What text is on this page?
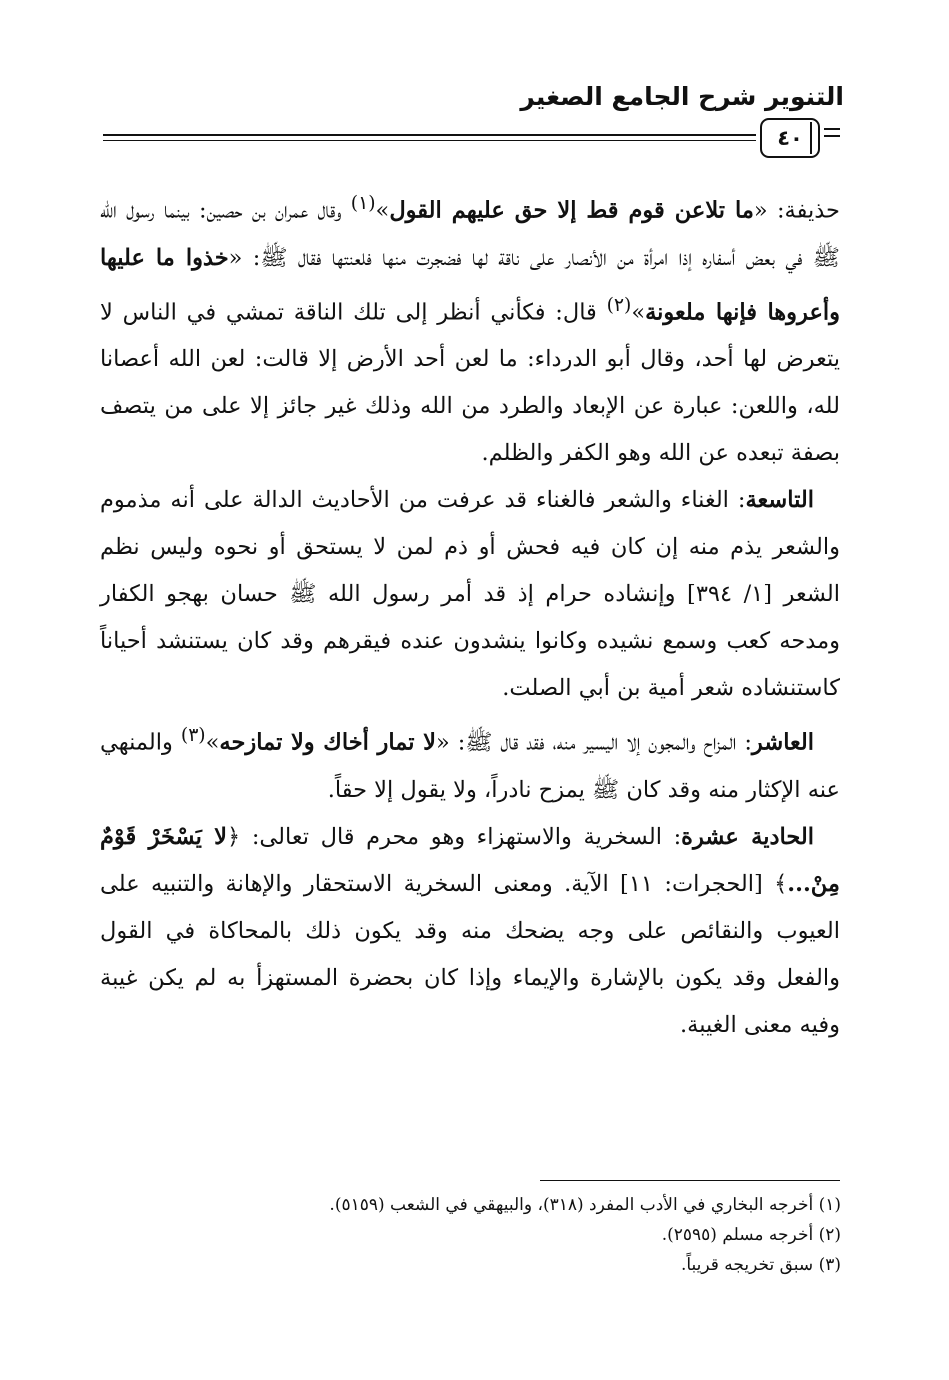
التنوير شرح الجامع الصغير
٤٠

حذيفة: «ما تلاعن قوم قط إلا حق عليهم القول»$^{(١)}$ وقال عمران بن حصين: بينما رسول الله ﷺ في بعض أسفاره إذا امرأة من الأنصار على ناقة لها فضجرت منها فلعنتها فقال ﷺ: «خذوا ما عليها وأعروها فإنها ملعونة»$^{(٢)}$ قال: فكأني أنظر إلى تلك الناقة تمشي في الناس لا يتعرض لها أحد، وقال أبو الدرداء: ما لعن أحد الأرض إلا قالت: لعن الله أعصانا لله، واللعن: عبارة عن الإبعاد والطرد من الله وذلك غير جائز إلا على من يتصف بصفة تبعده عن الله وهو الكفر والظلم.

التاسعة: الغناء والشعر فالغناء قد عرفت من الأحاديث الدالة على أنه مذموم والشعر يذم منه إن كان فيه فحش أو ذم لمن لا يستحق أو نحوه وليس نظم الشعر [١/ ٣٩٤] وإنشاده حرام إذ قد أمر رسول الله ﷺ حسان بهجو الكفار ومدحه كعب وسمع نشيده وكانوا ينشدون عنده فيقرهم وقد كان يستنشد أحياناً كاستنشاده شعر أمية بن أبي الصلت.

العاشر: المزاح والمجون إلا اليسير منه، فقد قال ﷺ: «لا تمار أخاك ولا تمازحه»$^{(٣)}$ والمنهي عنه الإكثار منه وقد كان ﷺ يمزح نادراً، ولا يقول إلا حقاً.

الحادية عشرة: السخرية والاستهزاء وهو محرم قال تعالى: ﴿لا يَسْخَرْ قَوْمٌ مِنْ...﴾ [الحجرات: ١١] الآية. ومعنى السخرية الاستحقار والإهانة والتنبيه على العيوب والنقائص على وجه يضحك منه وقد يكون ذلك بالمحاكاة في القول والفعل وقد يكون بالإشارة والإيماء وإذا كان بحضرة المستهزأ به لم يكن غيبة وفيه معنى الغيبة.

(١) أخرجه البخاري في الأدب المفرد (٣١٨)، والبيهقي في الشعب (٥١٥٩).
(٢) أخرجه مسلم (٢٥٩٥).
(٣) سبق تخريجه قريباً.
